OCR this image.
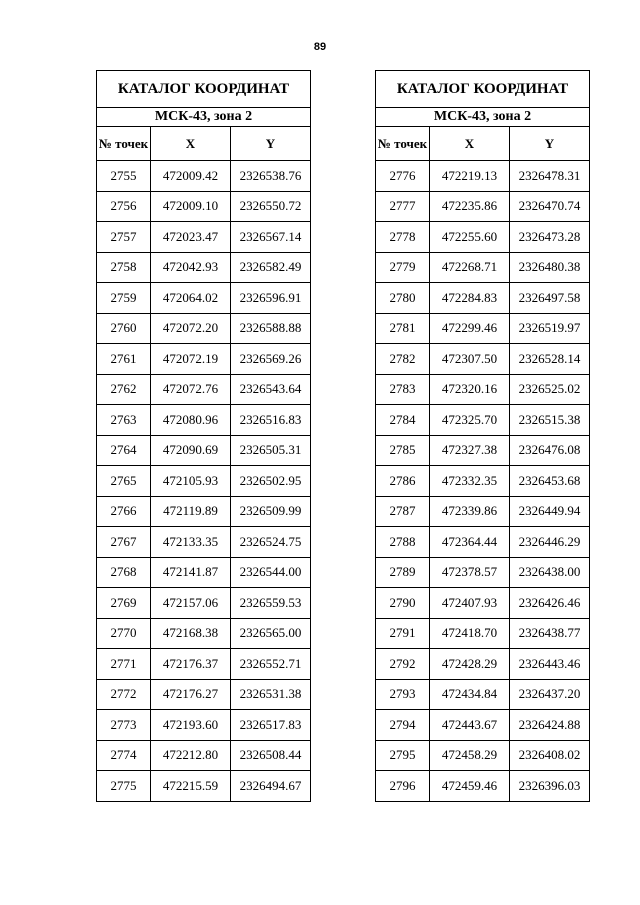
89
КАТАЛОГ КООРДИНАТ		
МСК-43, зона 2		
№ точек	X	Y
2755	472009.42	2326538.76
2756	472009.10	2326550.72
2757	472023.47	2326567.14
2758	472042.93	2326582.49
2759	472064.02	2326596.91
2760	472072.20	2326588.88
2761	472072.19	2326569.26
2762	472072.76	2326543.64
2763	472080.96	2326516.83
2764	472090.69	2326505.31
2765	472105.93	2326502.95
2766	472119.89	2326509.99
2767	472133.35	2326524.75
2768	472141.87	2326544.00
2769	472157.06	2326559.53
2770	472168.38	2326565.00
2771	472176.37	2326552.71
2772	472176.27	2326531.38
2773	472193.60	2326517.83
2774	472212.80	2326508.44
2775	472215.59	2326494.67
КАТАЛОГ КООРДИНАТ		
МСК-43, зона 2		
№ точек	X	Y
2776	472219.13	2326478.31
2777	472235.86	2326470.74
2778	472255.60	2326473.28
2779	472268.71	2326480.38
2780	472284.83	2326497.58
2781	472299.46	2326519.97
2782	472307.50	2326528.14
2783	472320.16	2326525.02
2784	472325.70	2326515.38
2785	472327.38	2326476.08
2786	472332.35	2326453.68
2787	472339.86	2326449.94
2788	472364.44	2326446.29
2789	472378.57	2326438.00
2790	472407.93	2326426.46
2791	472418.70	2326438.77
2792	472428.29	2326443.46
2793	472434.84	2326437.20
2794	472443.67	2326424.88
2795	472458.29	2326408.02
2796	472459.46	2326396.03
